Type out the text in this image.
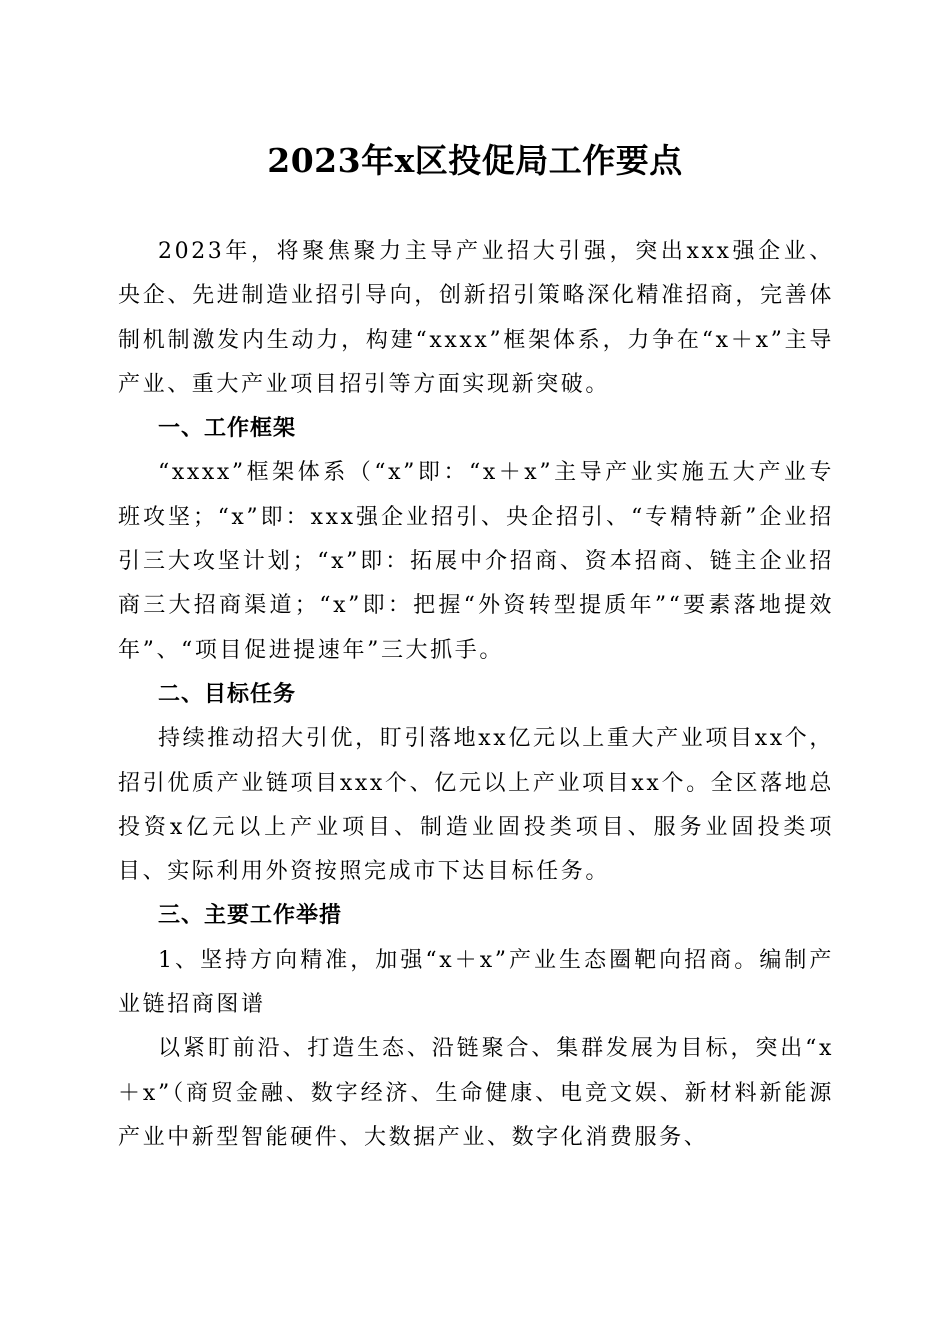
2023年x区投促局工作要点

2023年，将聚焦聚力主导产业招大引强，突出xxx强企业、央企、先进制造业招引导向，创新招引策略深化精准招商，完善体制机制激发内生动力，构建“xxxx”框架体系，力争在“x＋x”主导产业、重大产业项目招引等方面实现新突破。

一、工作框架

“xxxx”框架体系（“x”即：“x＋x”主导产业实施五大产业专班攻坚；“x”即：xxx强企业招引、央企招引、“专精特新”企业招引三大攻坚计划；“x”即：拓展中介招商、资本招商、链主企业招商三大招商渠道；“x”即：把握“外资转型提质年”“要素落地提效年”、“项目促进提速年”三大抓手。

二、目标任务

持续推动招大引优，盯引落地xx亿元以上重大产业项目xx个，招引优质产业链项目xxx个、亿元以上产业项目xx个。全区落地总投资x亿元以上产业项目、制造业固投类项目、服务业固投类项目、实际利用外资按照完成市下达目标任务。

三、主要工作举措

1、坚持方向精准，加强“x＋x”产业生态圈靶向招商。编制产业链招商图谱

以紧盯前沿、打造生态、沿链聚合、集群发展为目标，突出“x＋x”（商贸金融、数字经济、生命健康、电竞文娱、新材料新能源产业中新型智能硬件、大数据产业、数字化消费服务、
